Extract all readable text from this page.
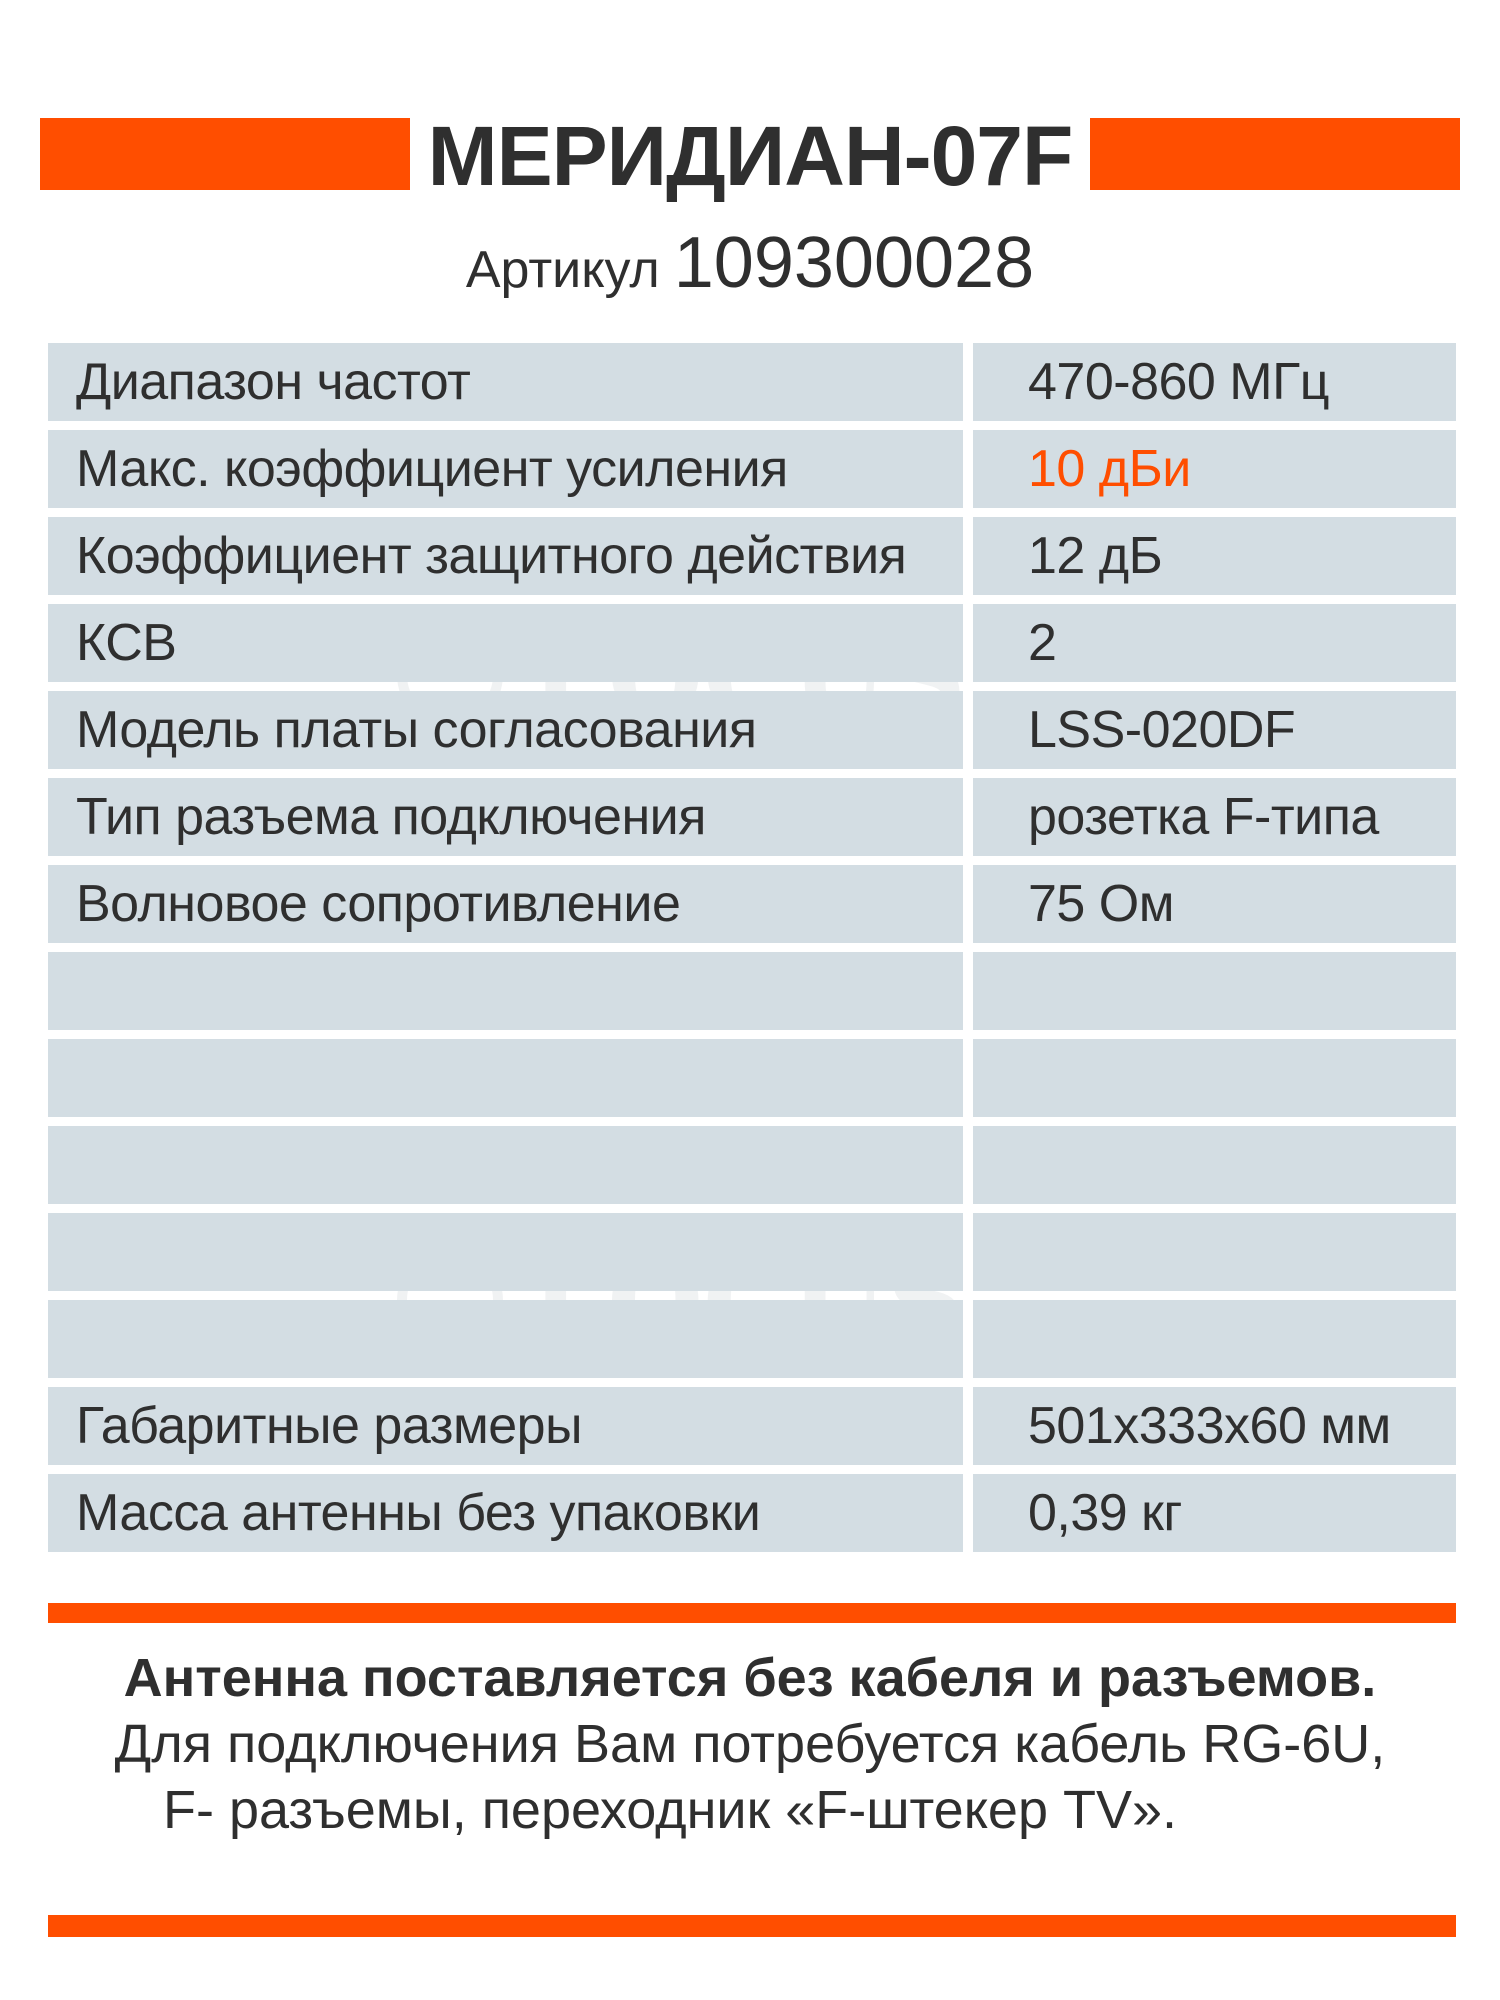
МЕРИДИАН-07F
Артикул 109300028
Диапазон частот	470-860 МГц
Макс. коэффициент усиления	10 дБи
Коэффициент защитного действия	12 дБ
КСВ	2
Модель платы согласования	LSS-020DF
Тип разъема подключения	розетка F-типа
Волновое сопротивление	75 Ом
Габаритные размеры	501x333x60 мм
Масса антенны без упаковки	0,39 кг
Антенна поставляется без кабеля и разъемов.
Для подключения Вам потребуется кабель RG-6U,
F- разъемы, переходник «F-штекер TV».
